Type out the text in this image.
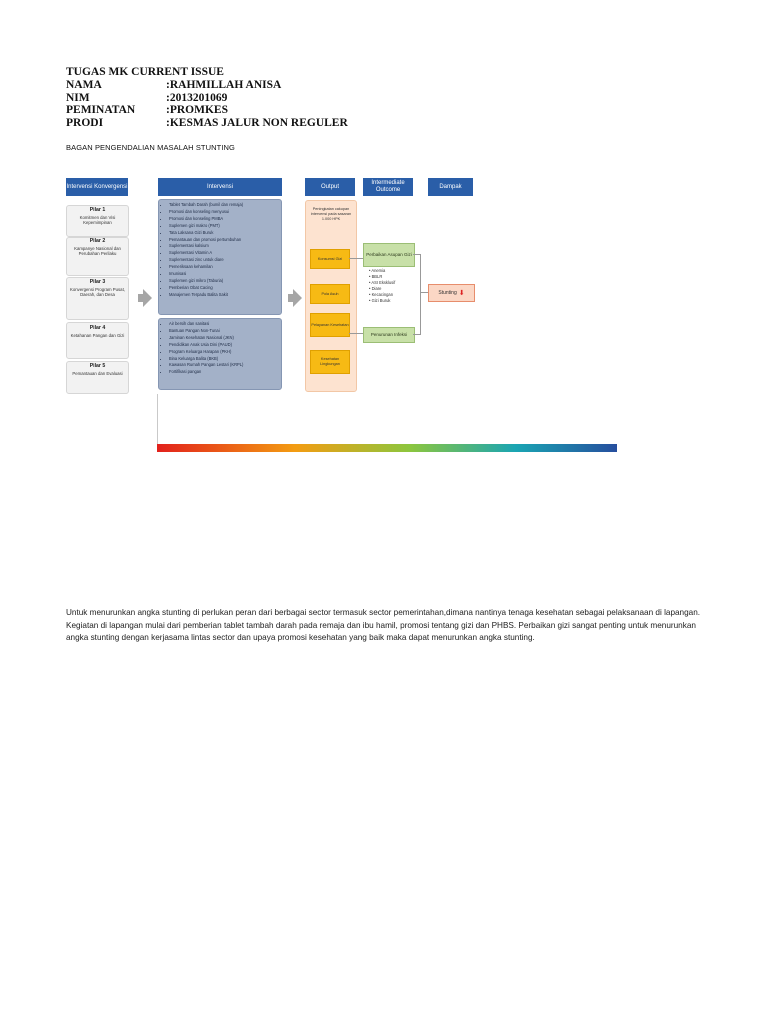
TUGAS MK CURRENT ISSUE
NAMA	:RAHMILLAH ANISA
NIM	:2013201069
PEMINATAN	:PROMKES
PRODI	:KESMAS JALUR NON REGULER
BAGAN PENGENDALIAN MASALAH STUNTING
Intervensi Konvergensi	Intervensi	Output
Intermediate Outcome
Dampak
Pilar 1
Komitmen dan Visi Kepemimpinan
Pilar 2
Kampanye Nasional dan Perubahan Perilaku
Pilar 3
Konvergensi Program Pusat, Daerah, dan Desa
Pilar 4
Ketahanan Pangan dan Gizi
Pilar 5
Pemantauan dan Evaluasi
• Tablet Tambah Darah (bumil dan remaja)
• Promosi dan konseling menyusui
• Promosi dan konseling PMBA
• Suplemen gizi makro (PMT)
• Tata Laksana Gizi Buruk
• Pemantauan dan promosi pertumbuhan
• Suplementasi kalsium
• Suplementasi Vitamin A
• Suplementasi zinc untuk diare
• Pemeriksaan kehamilan
• Imunisasi
• Suplemen gizi mikro (Taburia)
• Pemberian Obat Cacing
• Manajemen Terpadu Balita Sakit
• Air bersih dan sanitasi
• Bantuan Pangan Non-Tunai
• Jaminan Kesehatan Nasional (JKN)
• Pendidikan Anak Usia Dini (PAUD)
• Program Keluarga Harapan (PKH)
• Bina Keluarga Balita (BKB)
• Kawasan Rumah Pangan Lestari (KRPL)
• Fortifikasi pangan
Peningkatan cakupan intervensi pada sasaran 1.000 HPK
Konsumsi Gizi
Pola Asuh
Pelayanan Kesehatan
Kesehatan Lingkungan
Perbaikan Asupan Gizi
• Anemia
• BBLR
• ASI Eksklusif
• Diare
• Kecacingan
• Gizi Buruk
Penurunan Infeksi
Stunting ⬇
Untuk menurunkan angka stunting di perlukan peran dari berbagai sector termasuk sector pemerintahan,dimana nantinya tenaga kesehatan sebagai pelaksanaan di lapangan. Kegiatan di lapangan mulai dari pemberian tablet tambah darah pada remaja dan ibu hamil, promosi tentang gizi dan PHBS. Perbaikan gizi sangat penting untuk menurunkan angka stunting dengan kerjasama lintas sector dan upaya promosi kesehatan yang baik maka dapat menurunkan angka stunting.
